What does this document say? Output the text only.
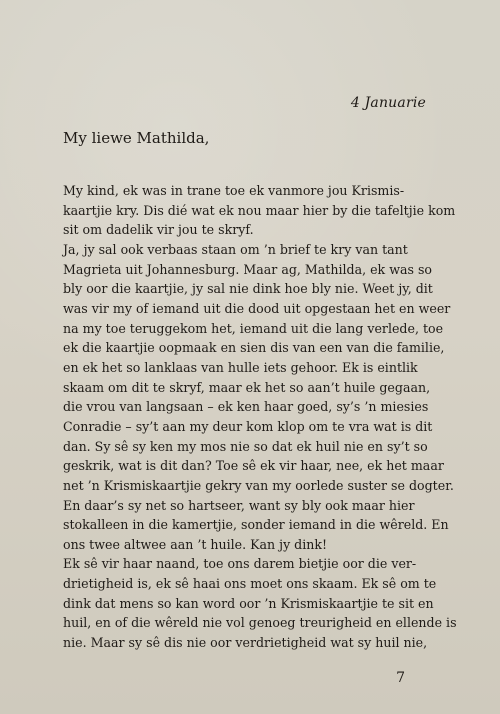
4 Januarie
My liewe Mathilda,
My kind, ek was in trane toe ek vanmore jou Krismis-
kaartjie kry. Dis dié wat ek nou maar hier by die tafeltjie kom
sit om dadelik vir jou te skryf.
Ja, jy sal ook verbaas staan om ’n brief te kry van tant
Magrieta uit Johannesburg. Maar ag, Mathilda, ek was so
bly oor die kaartjie, jy sal nie dink hoe bly nie. Weet jy, dit
was vir my of iemand uit die dood uit opgestaan het en weer
na my toe teruggekom het, iemand uit die lang verlede, toe
ek die kaartjie oopmaak en sien dis van een van die familie,
en ek het so lanklaas van hulle iets gehoor. Ek is eintlik
skaam om dit te skryf, maar ek het so aan’t huile gegaan,
die vrou van langsaan – ek ken haar goed, sy’s ’n miesies
Conradie – sy’t aan my deur kom klop om te vra wat is dit
dan. Sy sê sy ken my mos nie so dat ek huil nie en sy’t so
geskrik, wat is dit dan? Toe sê ek vir haar, nee, ek het maar
net ’n Krismiskaartjie gekry van my oorlede suster se dogter.
En daar’s sy net so hartseer, want sy bly ook maar hier
stokalleen in die kamertjie, sonder iemand in die wêreld. En
ons twee altwee aan ’t huile. Kan jy dink!
Ek sê vir haar naand, toe ons darem bietjie oor die ver-
drietigheid is, ek sê haai ons moet ons skaam. Ek sê om te
dink dat mens so kan word oor ’n Krismiskaartjie te sit en
huil, en of die wêreld nie vol genoeg treurigheid en ellende is
nie. Maar sy sê dis nie oor verdrietigheid wat sy huil nie,
7
